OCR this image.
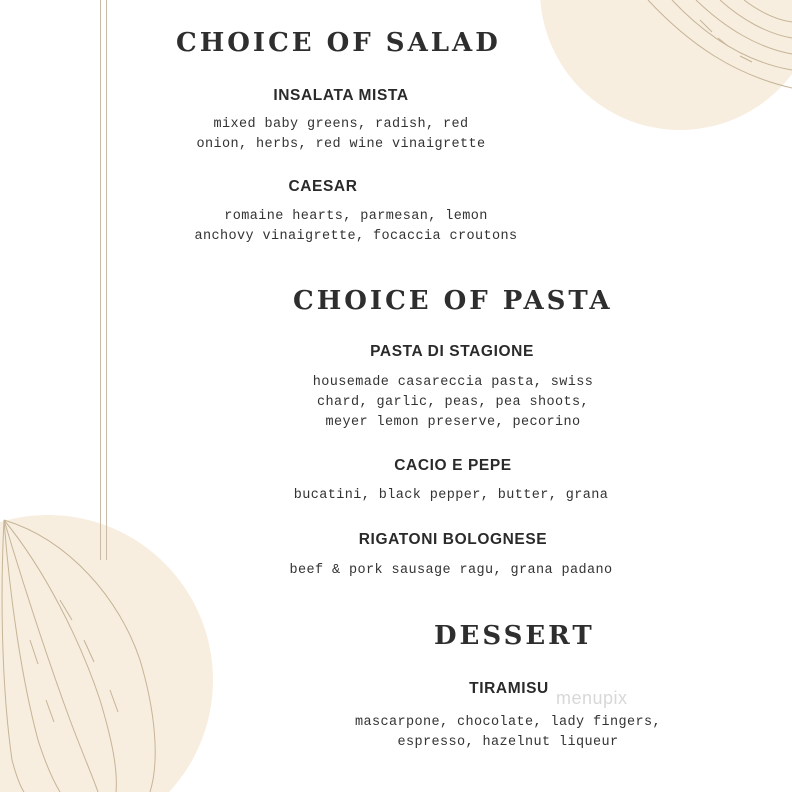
CHOICE OF SALAD
INSALATA MISTA
mixed baby greens, radish, red
onion, herbs, red wine vinaigrette
CAESAR
romaine hearts, parmesan, lemon
anchovy vinaigrette, focaccia croutons
CHOICE OF PASTA
PASTA DI STAGIONE
housemade casareccia pasta, swiss
chard, garlic, peas, pea shoots,
meyer lemon preserve, pecorino
CACIO E PEPE
bucatini, black pepper, butter, grana
RIGATONI BOLOGNESE
beef & pork sausage ragu, grana padano
DESSERT
TIRAMISU
mascarpone, chocolate, lady fingers,
espresso, hazelnut liqueur
menupix
